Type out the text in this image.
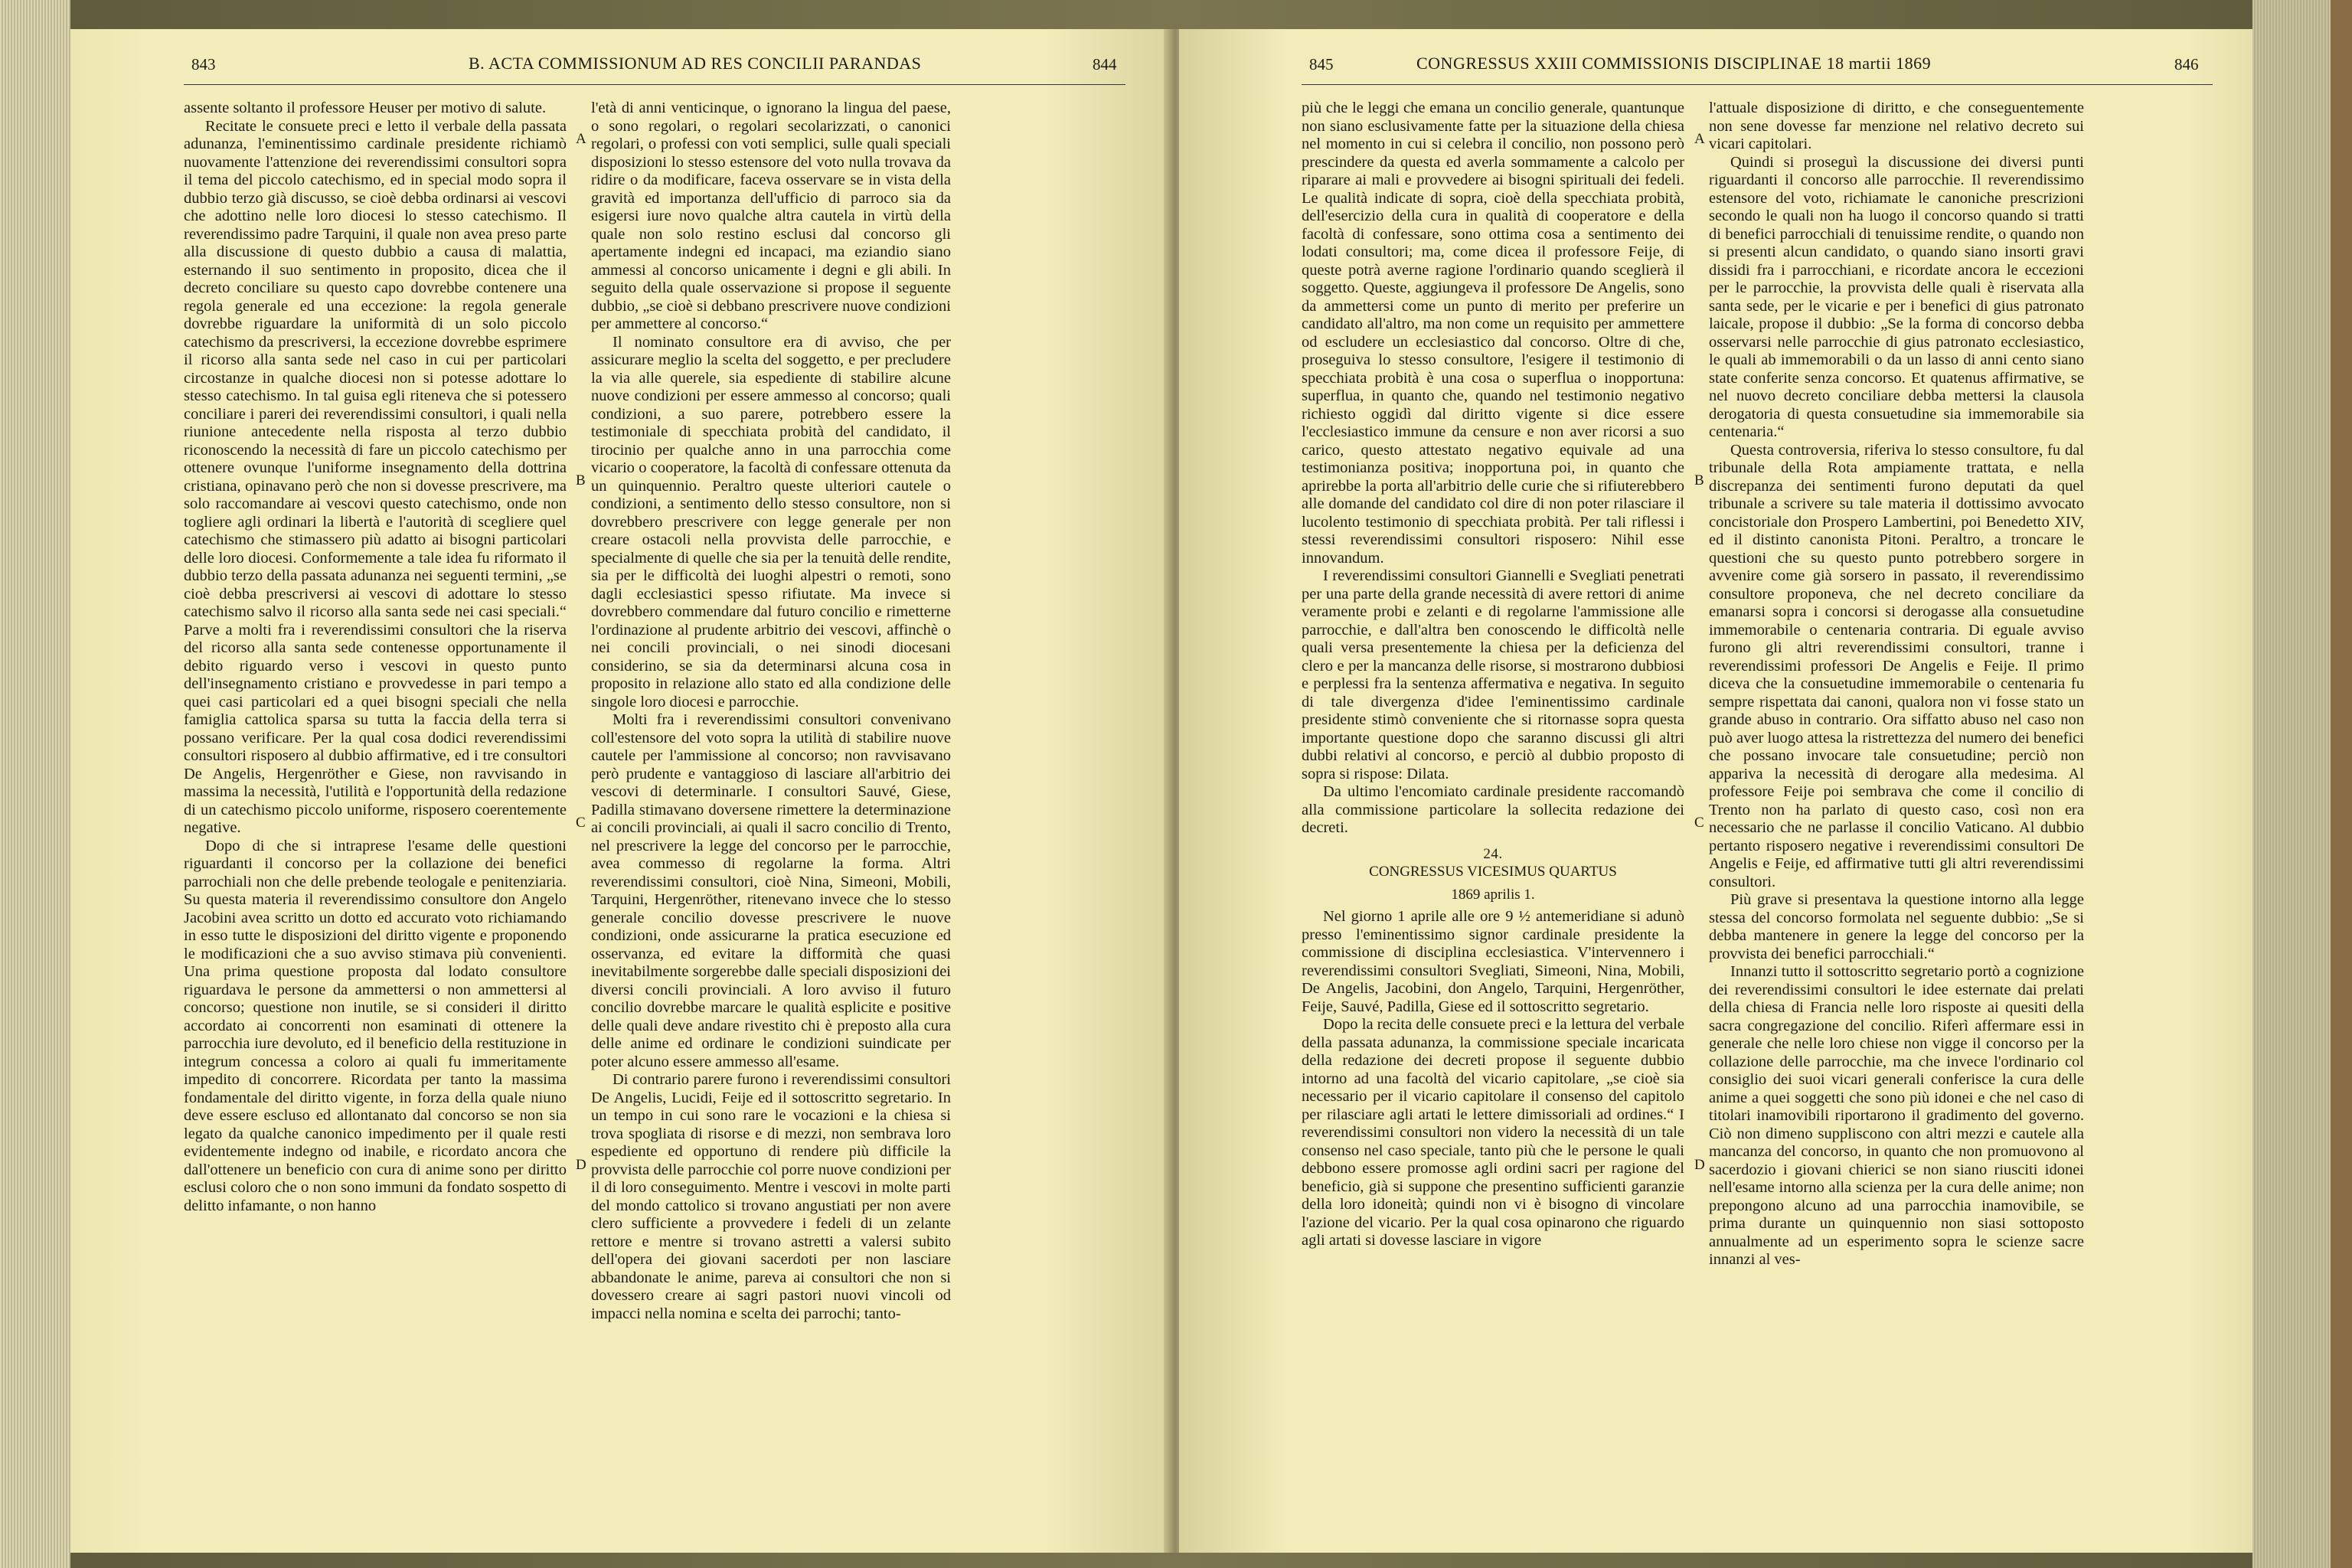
843	B. ACTA COMMISSIONUM AD RES CONCILII PARANDAS	844

assente soltanto il professore Heuser per motivo di salute.

Recitate le consuete preci e letto il verbale della passata adunanza, l'eminentissimo cardinale presidente richiamò nuovamente l'attenzione dei reverendissimi consultori sopra il tema del piccolo catechismo, ed in special modo sopra il dubbio terzo già discusso, se cioè debba ordinarsi ai vescovi che adottino nelle loro diocesi lo stesso catechismo. Il reverendissimo padre Tarquini, il quale non avea preso parte alla discussione di questo dubbio a causa di malattia, esternando il suo sentimento in proposito, dicea che il decreto conciliare su questo capo dovrebbe contenere una regola generale ed una eccezione: la regola generale dovrebbe riguardare la uniformità di un solo piccolo catechismo da prescriversi, la eccezione dovrebbe esprimere il ricorso alla santa sede nel caso in cui per particolari circostanze in qualche diocesi non si potesse adottare lo stesso catechismo. In tal guisa egli riteneva che si potessero conciliare i pareri dei reverendissimi consultori, i quali nella riunione antecedente nella risposta al terzo dubbio riconoscendo la necessità di fare un piccolo catechismo per ottenere ovunque l'uniforme insegnamento della dottrina cristiana, opinavano però che non si dovesse prescrivere, ma solo raccomandare ai vescovi questo catechismo, onde non togliere agli ordinari la libertà e l'autorità di scegliere quel catechismo che stimassero più adatto ai bisogni particolari delle loro diocesi. Conformemente a tale idea fu riformato il dubbio terzo della passata adunanza nei seguenti termini, „se cioè debba prescriversi ai vescovi di adottare lo stesso catechismo salvo il ricorso alla santa sede nei casi speciali.“ Parve a molti fra i reverendissimi consultori che la riserva del ricorso alla santa sede contenesse opportunamente il debito riguardo verso i vescovi in questo punto dell'insegnamento cristiano e provvedesse in pari tempo a quei casi particolari ed a quei bisogni speciali che nella famiglia cattolica sparsa su tutta la faccia della terra si possano verificare. Per la qual cosa dodici reverendissimi consultori risposero al dubbio affirmative, ed i tre consultori De Angelis, Hergenröther e Giese, non ravvisando in massima la necessità, l'utilità e l'opportunità della redazione di un catechismo piccolo uniforme, risposero coerentemente negative.

Dopo di che si intraprese l'esame delle questioni riguardanti il concorso per la collazione dei benefici parrochiali non che delle prebende teologale e penitenziaria. Su questa materia il reverendissimo consultore don Angelo Jacobini avea scritto un dotto ed accurato voto richiamando in esso tutte le disposizioni del diritto vigente e proponendo le modificazioni che a suo avviso stimava più convenienti. Una prima questione proposta dal lodato consultore riguardava le persone da ammettersi o non ammettersi al concorso; questione non inutile, se si consideri il diritto accordato ai concorrenti non esaminati di ottenere la parrocchia iure devoluto, ed il beneficio della restituzione in integrum concessa a coloro ai quali fu immeritamente impedito di concorrere. Ricordata per tanto la massima fondamentale del diritto vigente, in forza della quale niuno deve essere escluso ed allontanato dal concorso se non sia legato da qualche canonico impedimento per il quale resti evidentemente indegno od inabile, e ricordato ancora che dall'ottenere un beneficio con cura di anime sono per diritto esclusi coloro che o non sono immuni da fondato sospetto di delitto infamante, o non hanno

A
B
C
D

l'età di anni venticinque, o ignorano la lingua del paese, o sono regolari, o regolari secolarizzati, o canonici regolari, o professi con voti semplici, sulle quali speciali disposizioni lo stesso estensore del voto nulla trovava da ridire o da modificare, faceva osservare se in vista della gravità ed importanza dell'ufficio di parroco sia da esigersi iure novo qualche altra cautela in virtù della quale non solo restino esclusi dal concorso gli apertamente indegni ed incapaci, ma eziandio siano ammessi al concorso unicamente i degni e gli abili. In seguito della quale osservazione si propose il seguente dubbio, „se cioè si debbano prescrivere nuove condizioni per ammettere al concorso.“

Il nominato consultore era di avviso, che per assicurare meglio la scelta del soggetto, e per precludere la via alle querele, sia espediente di stabilire alcune nuove condizioni per essere ammesso al concorso; quali condizioni, a suo parere, potrebbero essere la testimoniale di specchiata probità del candidato, il tirocinio per qualche anno in una parrocchia come vicario o cooperatore, la facoltà di confessare ottenuta da un quinquennio. Peraltro queste ulteriori cautele o condizioni, a sentimento dello stesso consultore, non si dovrebbero prescrivere con legge generale per non creare ostacoli nella provvista delle parrocchie, e specialmente di quelle che sia per la tenuità delle rendite, sia per le difficoltà dei luoghi alpestri o remoti, sono dagli ecclesiastici spesso rifiutate. Ma invece si dovrebbero commendare dal futuro concilio e rimetterne l'ordinazione al prudente arbitrio dei vescovi, affinchè o nei concili provinciali, o nei sinodi diocesani considerino, se sia da determinarsi alcuna cosa in proposito in relazione allo stato ed alla condizione delle singole loro diocesi e parrocchie.

Molti fra i reverendissimi consultori convenivano coll'estensore del voto sopra la utilità di stabilire nuove cautele per l'ammissione al concorso; non ravvisavano però prudente e vantaggioso di lasciare all'arbitrio dei vescovi di determinarle. I consultori Sauvé, Giese, Padilla stimavano doversene rimettere la determinazione ai concili provinciali, ai quali il sacro concilio di Trento, nel prescrivere la legge del concorso per le parrocchie, avea commesso di regolarne la forma. Altri reverendissimi consultori, cioè Nina, Simeoni, Mobili, Tarquini, Hergenröther, ritenevano invece che lo stesso generale concilio dovesse prescrivere le nuove condizioni, onde assicurarne la pratica esecuzione ed osservanza, ed evitare la difformità che quasi inevitabilmente sorgerebbe dalle speciali disposizioni dei diversi concili provinciali. A loro avviso il futuro concilio dovrebbe marcare le qualità esplicite e positive delle quali deve andare rivestito chi è preposto alla cura delle anime ed ordinare le condizioni suindicate per poter alcuno essere ammesso all'esame.

Di contrario parere furono i reverendissimi consultori De Angelis, Lucidi, Feije ed il sottoscritto segretario. In un tempo in cui sono rare le vocazioni e la chiesa si trova spogliata di risorse e di mezzi, non sembrava loro espediente ed opportuno di rendere più difficile la provvista delle parrocchie col porre nuove condizioni per il di loro conseguimento. Mentre i vescovi in molte parti del mondo cattolico si trovano angustiati per non avere clero sufficiente a provvedere i fedeli di un zelante rettore e mentre si trovano astretti a valersi subito dell'opera dei giovani sacerdoti per non lasciare abbandonate le anime, pareva ai consultori che non si dovessero creare ai sagri pastori nuovi vincoli od impacci nella nomina e scelta dei parrochi; tanto-

845	CONGRESSUS XXIII COMMISSIONIS DISCIPLINAE 18 martii 1869	846

più che le leggi che emana un concilio generale, quantunque non siano esclusivamente fatte per la situazione della chiesa nel momento in cui si celebra il concilio, non possono però prescindere da questa ed averla sommamente a calcolo per riparare ai mali e provvedere ai bisogni spirituali dei fedeli. Le qualità indicate di sopra, cioè della specchiata probità, dell'esercizio della cura in qualità di cooperatore e della facoltà di confessare, sono ottima cosa a sentimento dei lodati consultori; ma, come dicea il professore Feije, di queste potrà averne ragione l'ordinario quando sceglierà il soggetto. Queste, aggiungeva il professore De Angelis, sono da ammettersi come un punto di merito per preferire un candidato all'altro, ma non come un requisito per ammettere od escludere un ecclesiastico dal concorso. Oltre di che, proseguiva lo stesso consultore, l'esigere il testimonio di specchiata probità è una cosa o superflua o inopportuna: superflua, in quanto che, quando nel testimonio negativo richiesto oggidì dal diritto vigente si dice essere l'ecclesiastico immune da censure e non aver ricorsi a suo carico, questo attestato negativo equivale ad una testimonianza positiva; inopportuna poi, in quanto che aprirebbe la porta all'arbitrio delle curie che si rifiuterebbero alle domande del candidato col dire di non poter rilasciare il lucolento testimonio di specchiata probità. Per tali riflessi i stessi reverendissimi consultori risposero: Nihil esse innovandum.

I reverendissimi consultori Giannelli e Svegliati penetrati per una parte della grande necessità di avere rettori di anime veramente probi e zelanti e di regolarne l'ammissione alle parrocchie, e dall'altra ben conoscendo le difficoltà nelle quali versa presentemente la chiesa per la deficienza del clero e per la mancanza delle risorse, si mostrarono dubbiosi e perplessi fra la sentenza affermativa e negativa. In seguito di tale divergenza d'idee l'eminentissimo cardinale presidente stimò conveniente che si ritornasse sopra questa importante questione dopo che saranno discussi gli altri dubbi relativi al concorso, e perciò al dubbio proposto di sopra si rispose: Dilata.

Da ultimo l'encomiato cardinale presidente raccomandò alla commissione particolare la sollecita redazione dei decreti.

24.

CONGRESSUS VICESIMUS QUARTUS

1869 aprilis 1.

Nel giorno 1 aprile alle ore 9 ½ antemeridiane si adunò presso l'eminentissimo signor cardinale presidente la commissione di disciplina ecclesiastica. V'intervennero i reverendissimi consultori Svegliati, Simeoni, Nina, Mobili, De Angelis, Jacobini, don Angelo, Tarquini, Hergenröther, Feije, Sauvé, Padilla, Giese ed il sottoscritto segretario.

Dopo la recita delle consuete preci e la lettura del verbale della passata adunanza, la commissione speciale incaricata della redazione dei decreti propose il seguente dubbio intorno ad una facoltà del vicario capitolare, „se cioè sia necessario per il vicario capitolare il consenso del capitolo per rilasciare agli artati le lettere dimissoriali ad ordines.“ I reverendissimi consultori non videro la necessità di un tale consenso nel caso speciale, tanto più che le persone le quali debbono essere promosse agli ordini sacri per ragione del beneficio, già si suppone che presentino sufficienti garanzie della loro idoneità; quindi non vi è bisogno di vincolare l'azione del vicario. Per la qual cosa opinarono che riguardo agli artati si dovesse lasciare in vigore

A
B
C
D

l'attuale disposizione di diritto, e che conseguentemente non sene dovesse far menzione nel relativo decreto sui vicari capitolari.

Quindi si proseguì la discussione dei diversi punti riguardanti il concorso alle parrocchie. Il reverendissimo estensore del voto, richiamate le canoniche prescrizioni secondo le quali non ha luogo il concorso quando si tratti di benefici parrocchiali di tenuissime rendite, o quando non si presenti alcun candidato, o quando siano insorti gravi dissidi fra i parrocchiani, e ricordate ancora le eccezioni per le parrocchie, la provvista delle quali è riservata alla santa sede, per le vicarie e per i benefici di gius patronato laicale, propose il dubbio: „Se la forma di concorso debba osservarsi nelle parrocchie di gius patronato ecclesiastico, le quali ab immemorabili o da un lasso di anni cento siano state conferite senza concorso. Et quatenus affirmative, se nel nuovo decreto conciliare debba mettersi la clausola derogatoria di questa consuetudine sia immemorabile sia centenaria.“

Questa controversia, riferiva lo stesso consultore, fu dal tribunale della Rota ampiamente trattata, e nella discrepanza dei sentimenti furono deputati da quel tribunale a scrivere su tale materia il dottissimo avvocato concistoriale don Prospero Lambertini, poi Benedetto XIV, ed il distinto canonista Pitoni. Peraltro, a troncare le questioni che su questo punto potrebbero sorgere in avvenire come già sorsero in passato, il reverendissimo consultore proponeva, che nel decreto conciliare da emanarsi sopra i concorsi si derogasse alla consuetudine immemorabile o centenaria contraria. Di eguale avviso furono gli altri reverendissimi consultori, tranne i reverendissimi professori De Angelis e Feije. Il primo diceva che la consuetudine immemorabile o centenaria fu sempre rispettata dai canoni, qualora non vi fosse stato un grande abuso in contrario. Ora siffatto abuso nel caso non può aver luogo attesa la ristrettezza del numero dei benefici che possano invocare tale consuetudine; perciò non appariva la necessità di derogare alla medesima. Al professore Feije poi sembrava che come il concilio di Trento non ha parlato di questo caso, così non era necessario che ne parlasse il concilio Vaticano. Al dubbio pertanto risposero negative i reverendissimi consultori De Angelis e Feije, ed affirmative tutti gli altri reverendissimi consultori.

Più grave si presentava la questione intorno alla legge stessa del concorso formolata nel seguente dubbio: „Se si debba mantenere in genere la legge del concorso per la provvista dei benefici parrocchiali.“

Innanzi tutto il sottoscritto segretario portò a cognizione dei reverendissimi consultori le idee esternate dai prelati della chiesa di Francia nelle loro risposte ai quesiti della sacra congregazione del concilio. Riferì affermare essi in generale che nelle loro chiese non vigge il concorso per la collazione delle parrocchie, ma che invece l'ordinario col consiglio dei suoi vicari generali conferisce la cura delle anime a quei soggetti che sono più idonei e che nel caso di titolari inamovibili riportarono il gradimento del governo. Ciò non dimeno suppliscono con altri mezzi e cautele alla mancanza del concorso, in quanto che non promuovono al sacerdozio i giovani chierici se non siano riusciti idonei nell'esame intorno alla scienza per la cura delle anime; non prepongono alcuno ad una parrocchia inamovibile, se prima durante un quinquennio non siasi sottoposto annualmente ad un esperimento sopra le scienze sacre innanzi al ves-
